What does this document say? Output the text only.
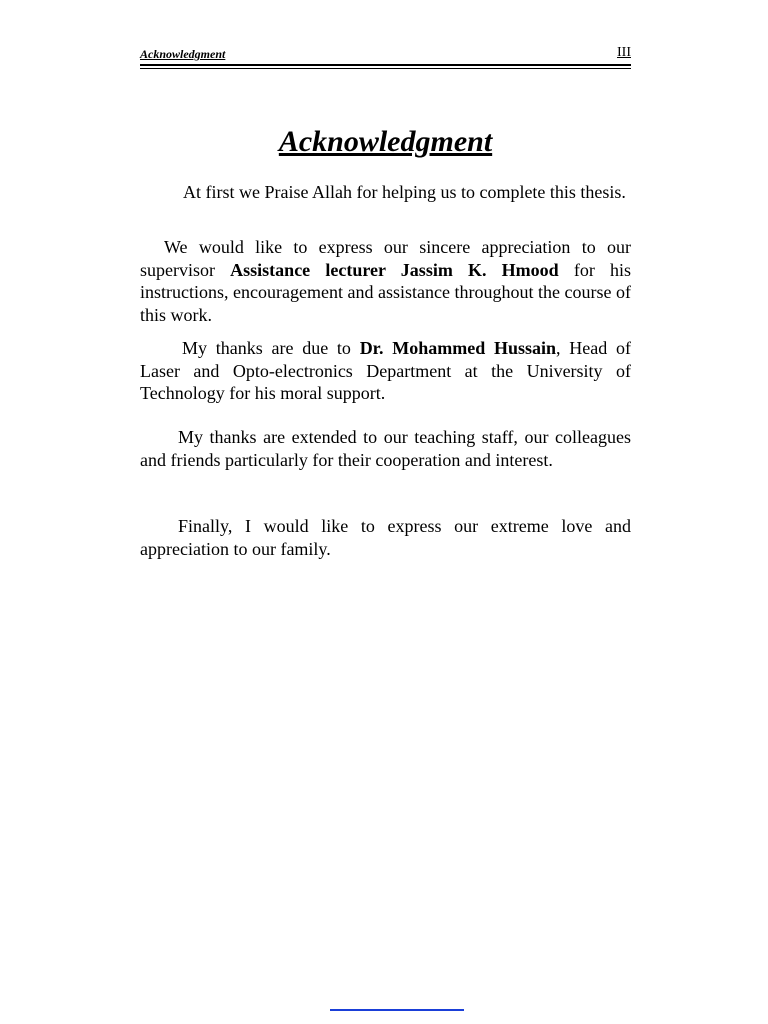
Acknowledgment	III
Acknowledgment

At first we Praise Allah for helping us to complete this thesis.

We would like to express our sincere appreciation to our supervisor Assistance lecturer Jassim K. Hmood for his instructions, encouragement and assistance throughout the course of this work.

My thanks are due to Dr. Mohammed Hussain, Head of Laser and Opto-electronics Department at the University of Technology for his moral support.

My thanks are extended to our teaching staff, our colleagues and friends particularly for their cooperation and interest.

Finally, I would like to express our extreme love and appreciation to our family.
